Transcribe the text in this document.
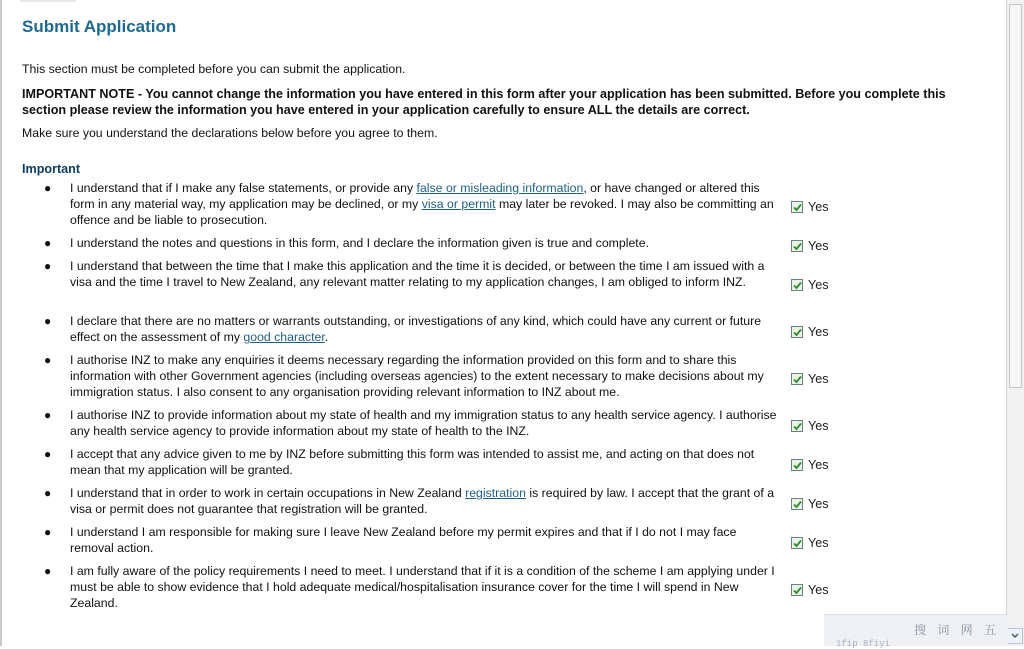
Submit Application
This section must be completed before you can submit the application.
IMPORTANT NOTE - You cannot change the information you have entered in this form after your application has been submitted. Before you complete this section please review the information you have entered in your application carefully to ensure ALL the details are correct.
Make sure you understand the declarations below before you agree to them.
Important
● I understand that if I make any false statements, or provide any false or misleading information, or have changed or altered this form in any material way, my application may be declined, or my visa or permit may later be revoked. I may also be committing an offence and be liable to prosecution.
Yes
● I understand the notes and questions in this form, and I declare the information given is true and complete.	Yes
● I understand that between the time that I make this application and the time it is decided, or between the time I am issued with a visa and the time I travel to New Zealand, any relevant matter relating to my application changes, I am obliged to inform INZ.	Yes
● I declare that there are no matters or warrants outstanding, or investigations of any kind, which could have any current or future effect on the assessment of my good character.	Yes
● I authorise INZ to make any enquiries it deems necessary regarding the information provided on this form and to share this information with other Government agencies (including overseas agencies) to the extent necessary to make decisions about my immigration status. I also consent to any organisation providing relevant information to INZ about me.
Yes
● I authorise INZ to provide information about my state of health and my immigration status to any health service agency. I authorise any health service agency to provide information about my state of health to the INZ.	Yes
● I accept that any advice given to me by INZ before submitting this form was intended to assist me, and acting on that does not mean that my application will be granted.	Yes
● I understand that in order to work in certain occupations in New Zealand registration is required by law. I accept that the grant of a visa or permit does not guarantee that registration will be granted.	Yes
● I understand I am responsible for making sure I leave New Zealand before my permit expires and that if I do not I may face removal action.	Yes
● I am fully aware of the policy requirements I need to meet. I understand that if it is a condition of the scheme I am applying under I must be able to show evidence that I hold adequate medical/hospitalisation insurance cover for the time I will spend in New Zealand.
Yes
搜 词 网 五
1fip 8fiyi
